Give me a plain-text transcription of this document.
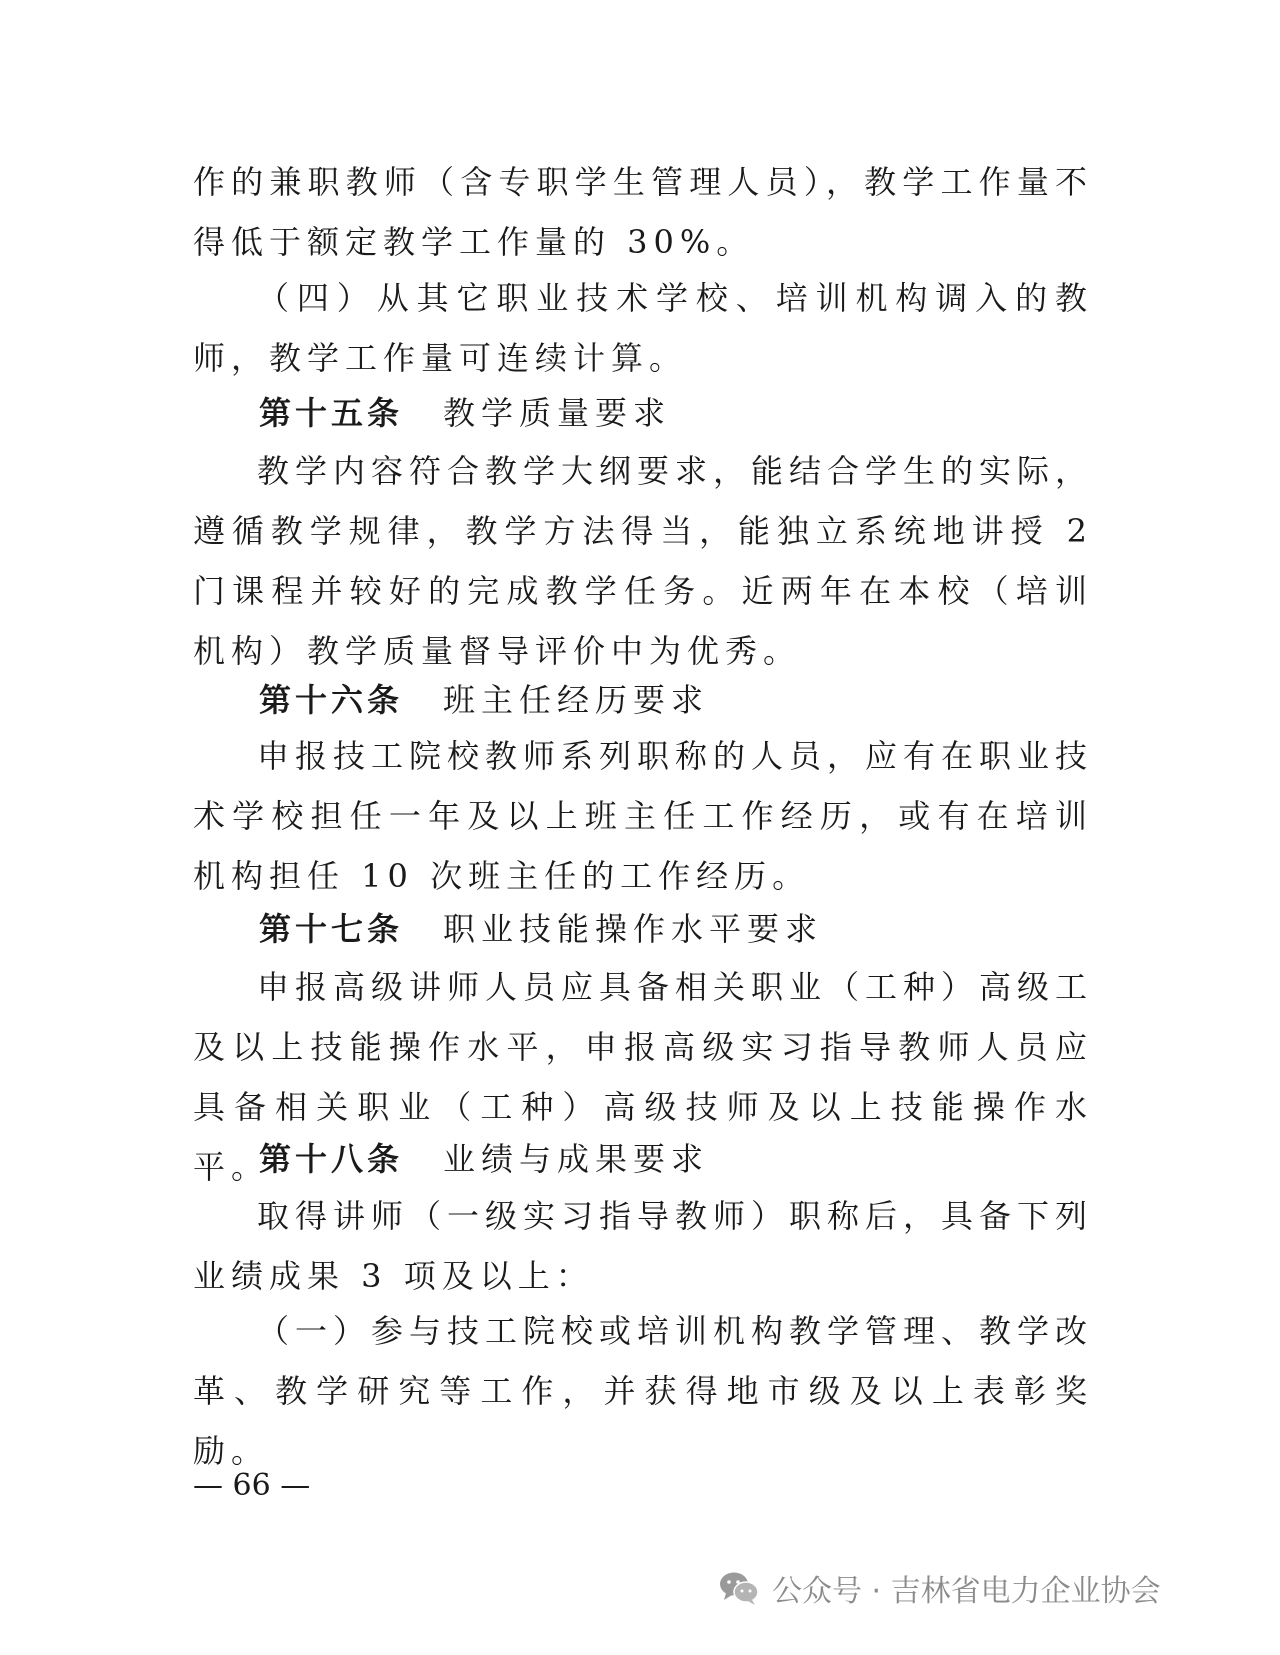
作的兼职教师（含专职学生管理人员），教学工作量不得低于额定教学工作量的 30%。
（四）从其它职业技术学校、培训机构调入的教师，教学工作量可连续计算。
第十五条 教学质量要求
教学内容符合教学大纲要求，能结合学生的实际，遵循教学规律，教学方法得当，能独立系统地讲授 2 门课程并较好的完成教学任务。近两年在本校（培训机构）教学质量督导评价中为优秀。
第十六条 班主任经历要求
申报技工院校教师系列职称的人员，应有在职业技术学校担任一年及以上班主任工作经历，或有在培训机构担任 10 次班主任的工作经历。
第十七条 职业技能操作水平要求
申报高级讲师人员应具备相关职业（工种）高级工及以上技能操作水平，申报高级实习指导教师人员应具备相关职业（工种）高级技师及以上技能操作水平。
第十八条 业绩与成果要求
取得讲师（一级实习指导教师）职称后，具备下列业绩成果 3 项及以上：
（一）参与技工院校或培训机构教学管理、教学改革、教学研究等工作，并获得地市级及以上表彰奖励。
— 66 —
公众号 · 吉林省电力企业协会
